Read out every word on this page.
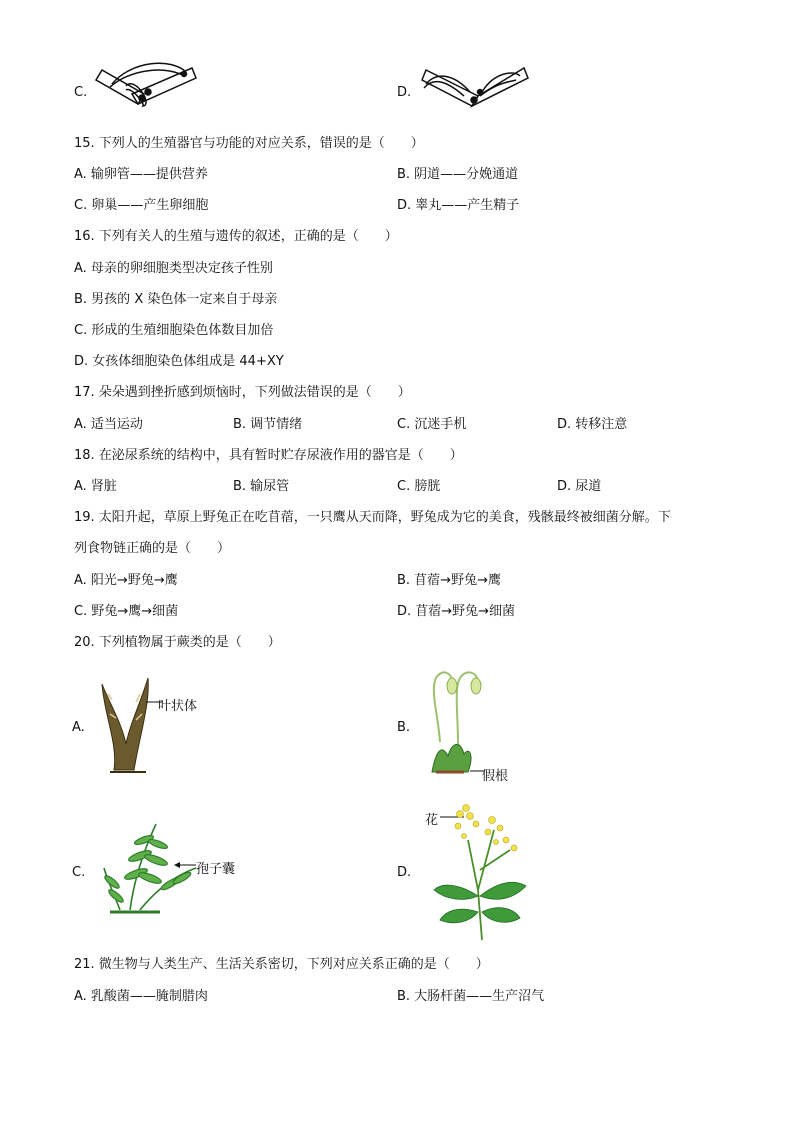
C.	D.
15. 下列人的生殖器官与功能的对应关系，错误的是（　　）
A. 输卵管——提供营养	B. 阴道——分娩通道
C. 卵巢——产生卵细胞	D. 睾丸——产生精子
16. 下列有关人的生殖与遗传的叙述，正确的是（　　）
A. 母亲的卵细胞类型决定孩子性别
B. 男孩的 X 染色体一定来自于母亲
C. 形成的生殖细胞染色体数目加倍
D. 女孩体细胞染色体组成是 44+XY
17. 朵朵遇到挫折感到烦恼时，下列做法错误的是（　　）
A. 适当运动	B. 调节情绪	C. 沉迷手机	D. 转移注意
18. 在泌尿系统的结构中，具有暂时贮存尿液作用的器官是（　　）
A. 肾脏	B. 输尿管	C. 膀胱	D. 尿道
19. 太阳升起，草原上野兔正在吃苜蓿，一只鹰从天而降，野兔成为它的美食，残骸最终被细菌分解。下
列食物链正确的是（　　）
A. 阳光→野兔→鹰	B. 苜蓿→野兔→鹰
C. 野兔→鹰→细菌	D. 苜蓿→野兔→细菌
20. 下列植物属于蕨类的是（　　）
A.
叶状体
B.
假根
C.	孢子囊	D.
花
21. 微生物与人类生产、生活关系密切，下列对应关系正确的是（　　）
A. 乳酸菌——腌制腊肉	B. 大肠杆菌——生产沼气
